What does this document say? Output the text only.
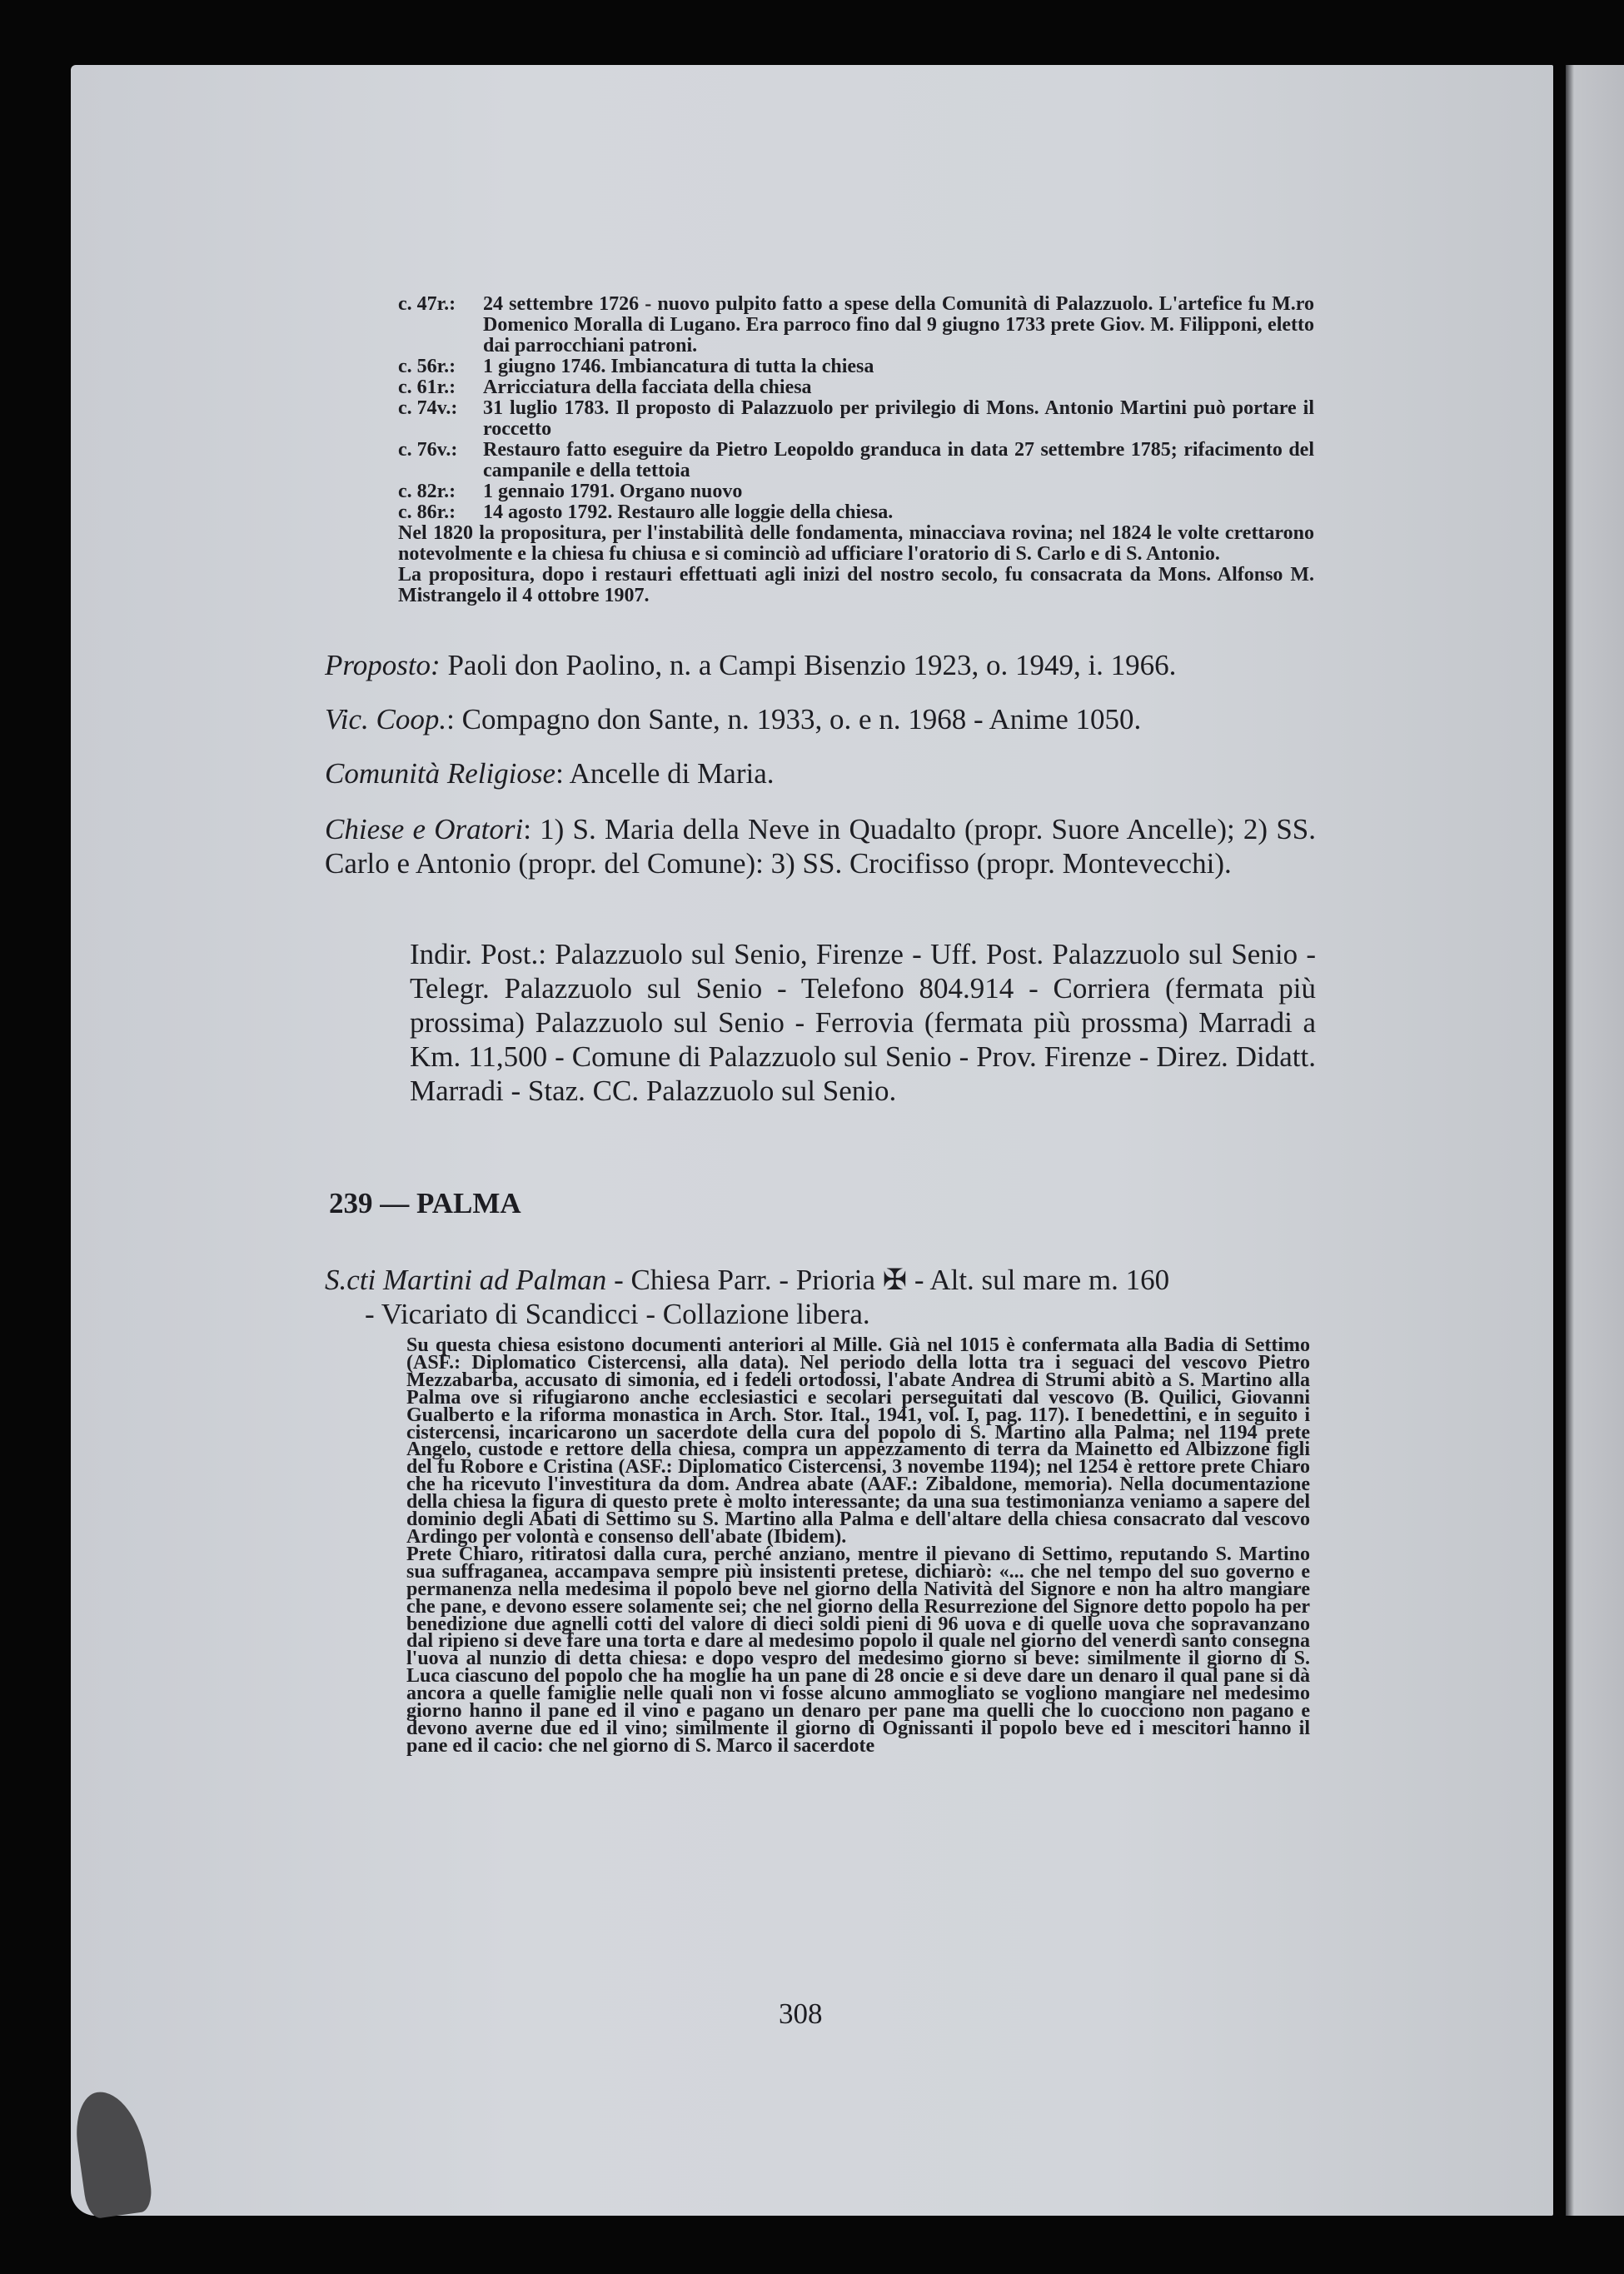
c. 47r.:	24 settembre 1726 - nuovo pulpito fatto a spese della Comunità di Palazzuolo. L'artefice fu M.ro Domenico Moralla di Lugano. Era parroco fino dal 9 giugno 1733 prete Giov. M. Filipponi, eletto dai parrocchiani patroni.
c. 56r.:	1 giugno 1746. Imbiancatura di tutta la chiesa
c. 61r.:	Arricciatura della facciata della chiesa
c. 74v.:	31 luglio 1783. Il proposto di Palazzuolo per privilegio di Mons. Antonio Martini può portare il roccetto
c. 76v.:	Restauro fatto eseguire da Pietro Leopoldo granduca in data 27 settembre 1785; rifacimento del campanile e della tettoia
c. 82r.:	1 gennaio 1791. Organo nuovo
c. 86r.:	14 agosto 1792. Restauro alle loggie della chiesa.
Nel 1820 la propositura, per l'instabilità delle fondamenta, minacciava rovina; nel 1824 le volte crettarono notevolmente e la chiesa fu chiusa e si cominciò ad ufficiare l'oratorio di S. Carlo e di S. Antonio.
La propositura, dopo i restauri effettuati agli inizi del nostro secolo, fu consacrata da Mons. Alfonso M. Mistrangelo il 4 ottobre 1907.
Proposto: Paoli don Paolino, n. a Campi Bisenzio 1923, o. 1949, i. 1966.
Vic. Coop.: Compagno don Sante, n. 1933, o. e n. 1968 - Anime 1050.
Comunità Religiose: Ancelle di Maria.
Chiese e Oratori: 1) S. Maria della Neve in Quadalto (propr. Suore Ancelle); 2) SS. Carlo e Antonio (propr. del Comune): 3) SS. Crocifisso (propr. Montevecchi).
Indir. Post.: Palazzuolo sul Senio, Firenze - Uff. Post. Palazzuolo sul Senio - Telegr. Palazzuolo sul Senio - Telefono 804.914 - Corriera (fermata più prossima) Palazzuolo sul Senio - Ferrovia (fermata più prossma) Marradi a Km. 11,500 - Comune di Palazzuolo sul Senio - Prov. Firenze - Direz. Didatt. Marradi - Staz. CC. Palazzuolo sul Senio.
239 — PALMA
S.cti Martini ad Palman - Chiesa Parr. - Prioria ✠ - Alt. sul mare m. 160
- Vicariato di Scandicci - Collazione libera.
Su questa chiesa esistono documenti anteriori al Mille. Già nel 1015 è confermata alla Badia di Settimo (ASF.: Diplomatico Cistercensi, alla data). Nel periodo della lotta tra i seguaci del vescovo Pietro Mezzabarba, accusato di simonia, ed i fedeli ortodossi, l'abate Andrea di Strumi abitò a S. Martino alla Palma ove si rifugiarono anche ecclesiastici e secolari perseguitati dal vescovo (B. Quilici, Giovanni Gualberto e la riforma monastica in Arch. Stor. Ital., 1941, vol. I, pag. 117). I benedettini, e in seguito i cistercensi, incaricarono un sacerdote della cura del popolo di S. Martino alla Palma; nel 1194 prete Angelo, custode e rettore della chiesa, compra un appezzamento di terra da Mainetto ed Albizzone figli del fu Robore e Cristina (ASF.: Diplomatico Cistercensi, 3 novembe 1194); nel 1254 è rettore prete Chiaro che ha ricevuto l'investitura da dom. Andrea abate (AAF.: Zibaldone, memoria). Nella documentazione della chiesa la figura di questo prete è molto interessante; da una sua testimonianza veniamo a sapere del dominio degli Abati di Settimo su S. Martino alla Palma e dell'altare della chiesa consacrato dal vescovo Ardingo per volontà e consenso dell'abate (Ibidem).
Prete Chiaro, ritiratosi dalla cura, perché anziano, mentre il pievano di Settimo, reputando S. Martino sua suffraganea, accampava sempre più insistenti pretese, dichiarò: «... che nel tempo del suo governo e permanenza nella medesima il popolo beve nel giorno della Natività del Signore e non ha altro mangiare che pane, e devono essere solamente sei; che nel giorno della Resurrezione del Signore detto popolo ha per benedizione due agnelli cotti del valore di dieci soldi pieni di 96 uova e di quelle uova che sopravanzano dal ripieno si deve fare una torta e dare al medesimo popolo il quale nel giorno del venerdì santo consegna l'uova al nunzio di detta chiesa: e dopo vespro del medesimo giorno si beve: similmente il giorno di S. Luca ciascuno del popolo che ha moglie ha un pane di 28 oncie e si deve dare un denaro il qual pane si dà ancora a quelle famiglie nelle quali non vi fosse alcuno ammogliato se vogliono mangiare nel medesimo giorno hanno il pane ed il vino e pagano un denaro per pane ma quelli che lo cuocciono non pagano e devono averne due ed il vino; similmente il giorno di Ognissanti il popolo beve ed i mescitori hanno il pane ed il cacio: che nel giorno di S. Marco il sacerdote
308
